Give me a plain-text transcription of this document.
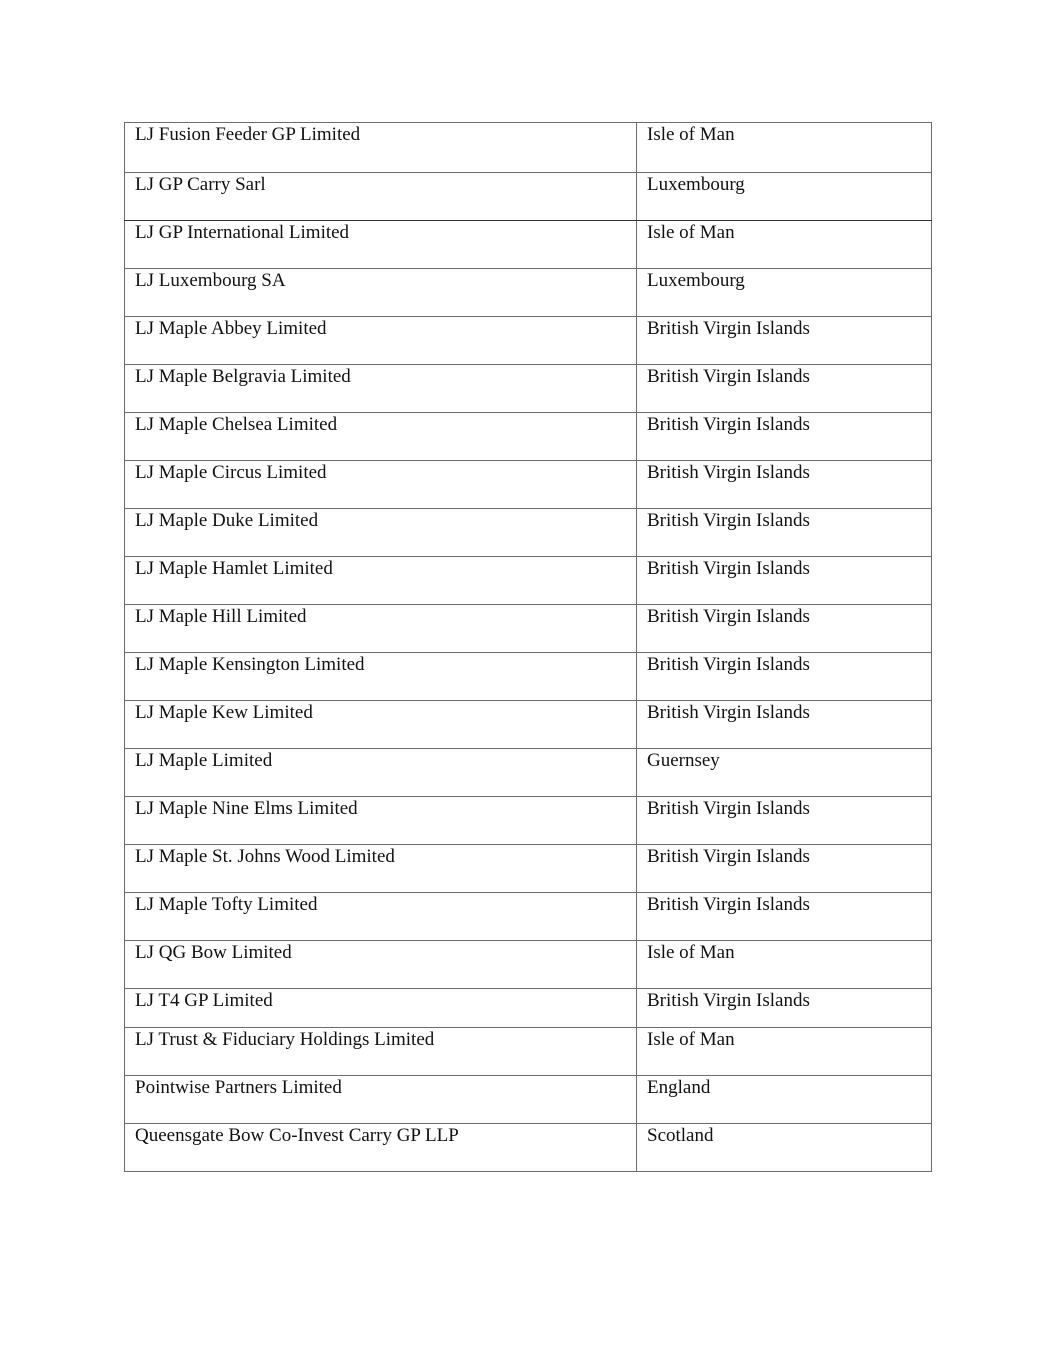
LJ Fusion Feeder GP Limited	Isle of Man
LJ GP Carry Sarl	Luxembourg
LJ GP International Limited	Isle of Man
LJ Luxembourg SA	Luxembourg
LJ Maple Abbey Limited	British Virgin Islands
LJ Maple Belgravia Limited	British Virgin Islands
LJ Maple Chelsea Limited	British Virgin Islands
LJ Maple Circus Limited	British Virgin Islands
LJ Maple Duke Limited	British Virgin Islands
LJ Maple Hamlet Limited	British Virgin Islands
LJ Maple Hill Limited	British Virgin Islands
LJ Maple Kensington Limited	British Virgin Islands
LJ Maple Kew Limited	British Virgin Islands
LJ Maple Limited	Guernsey
LJ Maple Nine Elms Limited	British Virgin Islands
LJ Maple St. Johns Wood Limited	British Virgin Islands
LJ Maple Tofty Limited	British Virgin Islands
LJ QG Bow Limited	Isle of Man
LJ T4 GP Limited	British Virgin Islands
LJ Trust & Fiduciary Holdings Limited	Isle of Man
Pointwise Partners Limited	England
Queensgate Bow Co-Invest Carry GP LLP	Scotland
